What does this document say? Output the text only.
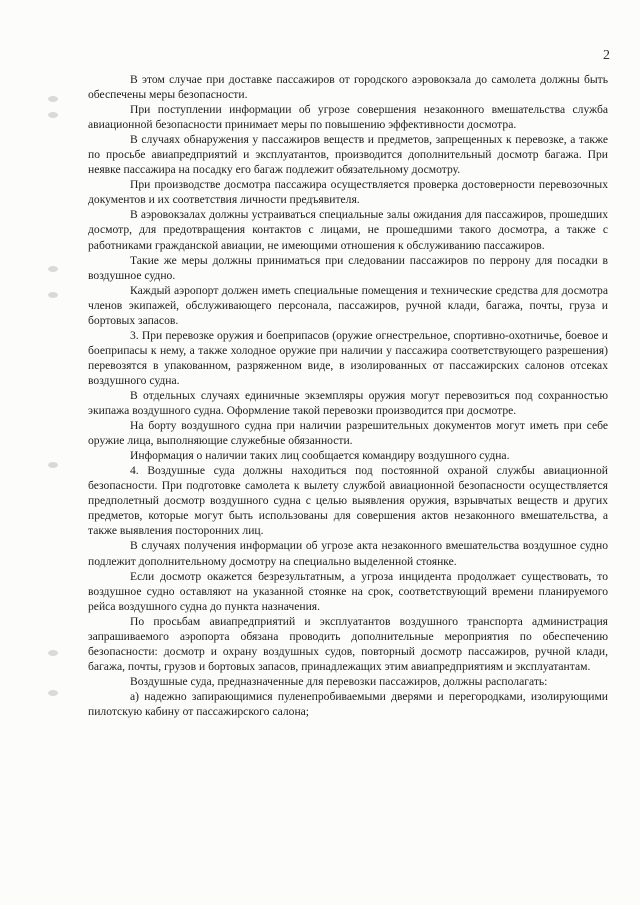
2

В этом случае при доставке пассажиров от городского аэровокзала до самолета должны быть обеспечены меры безопасности.

При поступлении информации об угрозе совершения незаконного вмешательства служба авиационной безопасности принимает меры по повышению эффективности досмотра.

В случаях обнаружения у пассажиров веществ и предметов, запрещенных к перевозке, а также по просьбе авиапредприятий и эксплуатантов, производится дополнительный досмотр багажа. При неявке пассажира на посадку его багаж подлежит обязательному досмотру.

При производстве досмотра пассажира осуществляется проверка достоверности перевозочных документов и их соответствия личности предъявителя.

В аэровокзалах должны устраиваться специальные залы ожидания для пассажиров, прошедших досмотр, для предотвращения контактов с лицами, не прошедшими такого досмотра, а также с работниками гражданской авиации, не имеющими отношения к обслуживанию пассажиров.

Такие же меры должны приниматься при следовании пассажиров по перрону для посадки в воздушное судно.

Каждый аэропорт должен иметь специальные помещения и технические средства для досмотра членов экипажей, обслуживающего персонала, пассажиров, ручной клади, багажа, почты, груза и бортовых запасов.

3. При перевозке оружия и боеприпасов (оружие огнестрельное, спортивно-охотничье, боевое и боеприпасы к нему, а также холодное оружие при наличии у пассажира соответствующего разрешения) перевозятся в упакованном, разряженном виде, в изолированных от пассажирских салонов отсеках воздушного судна.

В отдельных случаях единичные экземпляры оружия могут перевозиться под сохранностью экипажа воздушного судна. Оформление такой перевозки производится при досмотре.

На борту воздушного судна при наличии разрешительных документов могут иметь при себе оружие лица, выполняющие служебные обязанности.

Информация о наличии таких лиц сообщается командиру воздушного судна.

4. Воздушные суда должны находиться под постоянной охраной службы авиационной безопасности. При подготовке самолета к вылету службой авиационной безопасности осуществляется предполетный досмотр воздушного судна с целью выявления оружия, взрывчатых веществ и других предметов, которые могут быть использованы для совершения актов незаконного вмешательства, а также выявления посторонних лиц.

В случаях получения информации об угрозе акта незаконного вмешательства воздушное судно подлежит дополнительному досмотру на специально выделенной стоянке.

Если досмотр окажется безрезультатным, а угроза инцидента продолжает существовать, то воздушное судно оставляют на указанной стоянке на срок, соответствующий времени планируемого рейса воздушного судна до пункта назначения.

По просьбам авиапредприятий и эксплуатантов воздушного транспорта администрация запрашиваемого аэропорта обязана проводить дополнительные мероприятия по обеспечению безопасности: досмотр и охрану воздушных судов, повторный досмотр пассажиров, ручной клади, багажа, почты, грузов и бортовых запасов, принадлежащих этим авиапредприятиям и эксплуатантам.

Воздушные суда, предназначенные для перевозки пассажиров, должны располагать:

а) надежно запирающимися пуленепробиваемыми дверями и перегородками, изолирующими пилотскую кабину от пассажирского салона;
